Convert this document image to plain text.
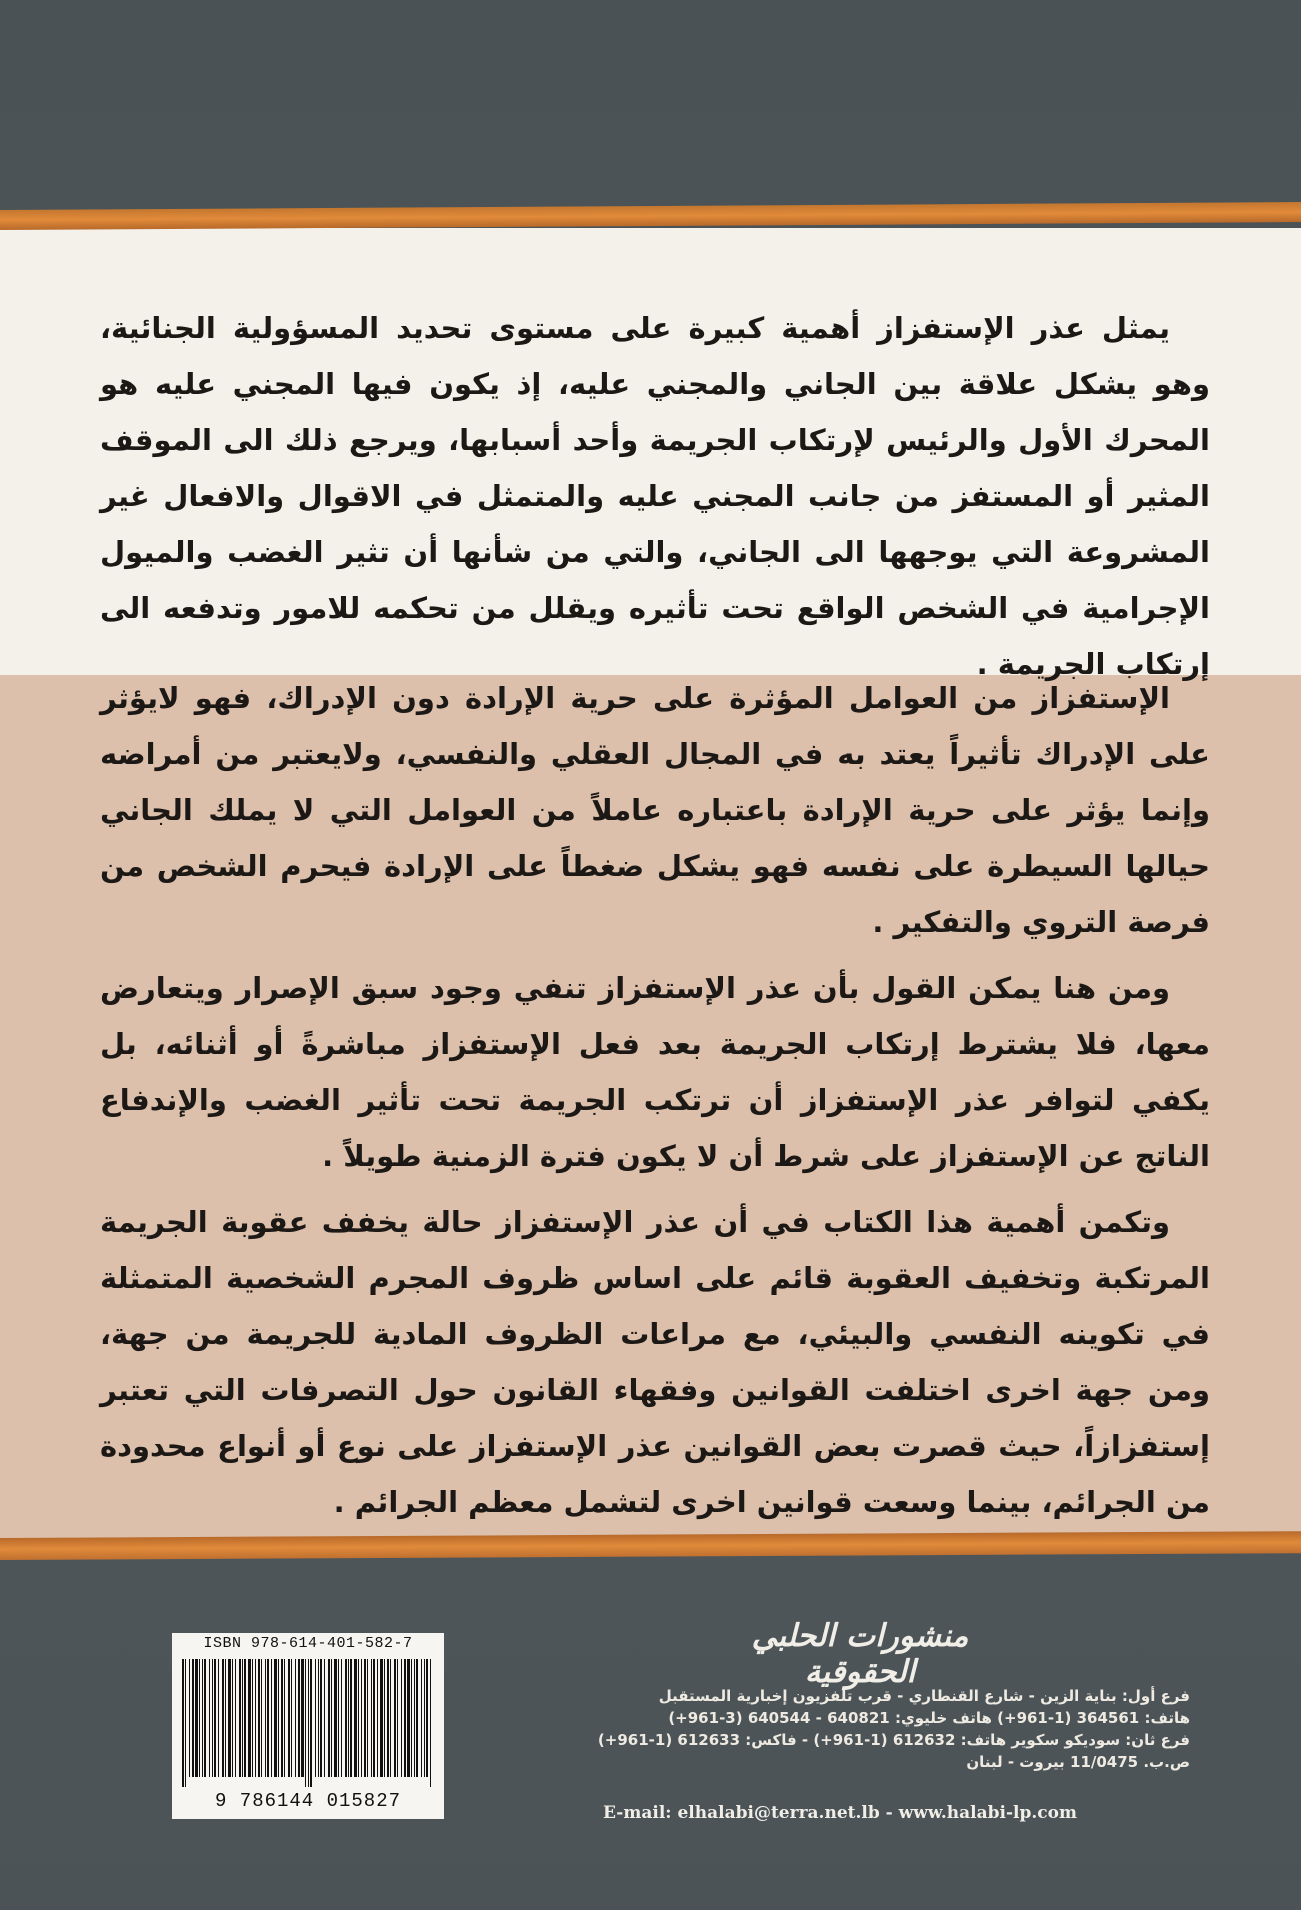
يمثل عذر الإستفزاز أهمية كبيرة على مستوى تحديد المسؤولية الجنائية، وهو يشكل علاقة بين الجاني والمجني عليه، إذ يكون فيها المجني عليه هو المحرك الأول والرئيس لإرتكاب الجريمة وأحد أسبابها، ويرجع ذلك الى الموقف المثير أو المستفز من جانب المجني عليه والمتمثل في الاقوال والافعال غير المشروعة التي يوجهها الى الجاني، والتي من شأنها أن تثير الغضب والميول الإجرامية في الشخص الواقع تحت تأثيره ويقلل من تحكمه للامور وتدفعه الى إرتكاب الجريمة .

الإستفزاز من العوامل المؤثرة على حرية الإرادة دون الإدراك، فهو لايؤثر على الإدراك تأثيراً يعتد به في المجال العقلي والنفسي، ولايعتبر من أمراضه وإنما يؤثر على حرية الإرادة باعتباره عاملاً من العوامل التي لا يملك الجاني حيالها السيطرة على نفسه فهو يشكل ضغطاً على الإرادة فيحرم الشخص من فرصة التروي والتفكير .

ومن هنا يمكن القول بأن عذر الإستفزاز تنفي وجود سبق الإصرار ويتعارض معها، فلا يشترط إرتكاب الجريمة بعد فعل الإستفزاز مباشرةً أو أثنائه، بل يكفي لتوافر عذر الإستفزاز أن ترتكب الجريمة تحت تأثير الغضب والإندفاع الناتج عن الإستفزاز على شرط أن لا يكون فترة الزمنية طويلاً .

وتكمن أهمية هذا الكتاب في أن عذر الإستفزاز حالة يخفف عقوبة الجريمة المرتكبة وتخفيف العقوبة قائم على اساس ظروف المجرم الشخصية المتمثلة في تكوينه النفسي والبيئي، مع مراعات الظروف المادية للجريمة من جهة، ومن جهة اخرى اختلفت القوانين وفقهاء القانون حول التصرفات التي تعتبر إستفزازاً، حيث قصرت بعض القوانين عذر الإستفزاز على نوع أو أنواع محدودة من الجرائم، بينما وسعت قوانين اخرى لتشمل معظم الجرائم .

منشورات الحلبي الحقوقية
فرع أول: بناية الزين - شارع القنطاري - قرب تلفزيون إخبارية المستقبل
هاتف: 364561 (1-961+) هاتف خليوي: 640821 - 640544 (3-961+)
فرع ثان: سوديكو سكوير هاتف: 612632 (1-961+) - فاكس: 612633 (1-961+)
ص.ب. 11/0475 بيروت - لبنان
E-mail: elhalabi@terra.net.lb - www.halabi-lp.com
ISBN 978-614-401-582-7
9 786144 015827
